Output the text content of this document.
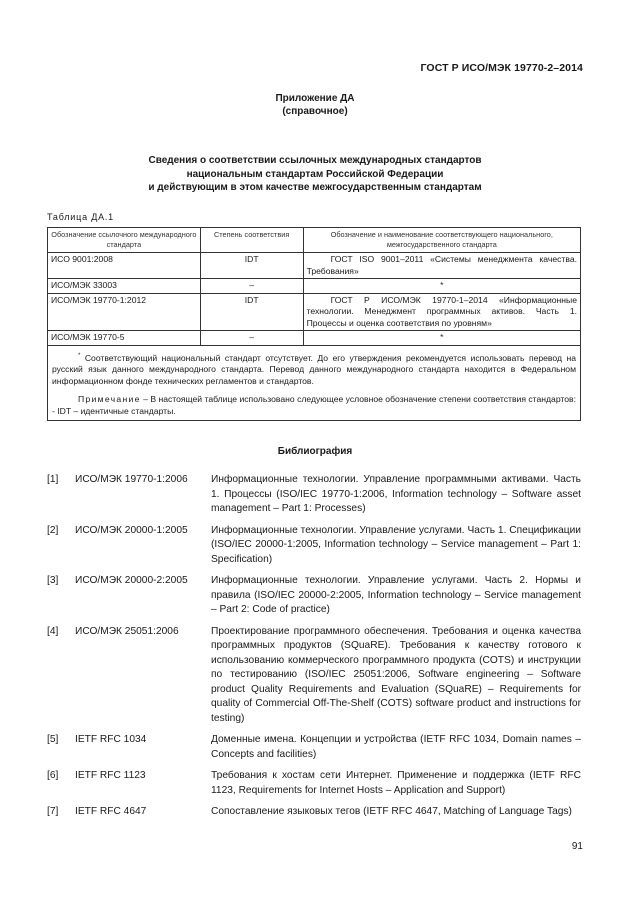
ГОСТ Р ИСО/МЭК 19770-2–2014
Приложение ДА
(справочное)
Сведения о соответствии ссылочных международных стандартов
национальным стандартам Российской Федерации
и действующим в этом качестве межгосударственным стандартам
Таблица ДА.1
Обозначение ссылочного международного стандарта	Степень соответствия	Обозначение и наименование соответствующего национального, межгосударственного стандарта
ИСО 9001:2008	IDT	ГОСТ ISO 9001–2011 «Системы менеджмента качества. Требования»
ИСО/МЭК 33003	–	*

ИСО/МЭК 19770-1:2012	IDT	ГОСТ Р ИСО/МЭК 19770-1–2014 «Информационные технологии. Менеджмент программных активов. Часть 1. Процессы и оценка соответствия по уровням»
ИСО/МЭК 19770-5	–	*

* Соответствующий национальный стандарт отсутствует. До его утверждения рекомендуется использовать перевод на русский язык данного международного стандарта. Перевод данного международного стандарта находится в Федеральном информационном фонде технических регламентов и стандартов.

Примечание – В настоящей таблице использовано следующее условное обозначение степени соответствия стандартов: - IDT – идентичные стандарты.		

Библиография
[1]	ИСО/МЭК 19770-1:2006	Информационные технологии. Управление программными активами. Часть 1. Процессы (ISO/IEC 19770-1:2006, Information technology – Software asset management – Part 1: Processes)
[2]	ИСО/МЭК 20000-1:2005	Информационные технологии. Управление услугами. Часть 1. Спецификации (ISO/IEC 20000-1:2005, Information technology – Service management – Part 1: Specification)
[3]	ИСО/МЭК 20000-2:2005	Информационные технологии. Управление услугами. Часть 2. Нормы и правила (ISO/IEC 20000-2:2005, Information technology – Service management – Part 2: Code of practice)
[4]	ИСО/МЭК 25051:2006	Проектирование программного обеспечения. Требования и оценка качества программных продуктов (SQuaRE). Требования к качеству готового к использованию коммерческого программного продукта (COTS) и инструкции по тестированию (ISO/IEC 25051:2006, Software engineering – Software product Quality Requirements and Evaluation (SQuaRE) – Requirements for quality of Commercial Off-The-Shelf (COTS) software product and instructions for testing)
[5]	IETF RFC 1034	Доменные имена. Концепции и устройства (IETF RFC 1034, Domain names – Concepts and facilities)
[6]	IETF RFC 1123	Требования к хостам сети Интернет. Применение и поддержка (IETF RFC 1123, Requirements for Internet Hosts – Application and Support)
[7]	IETF RFC 4647	Сопоставление языковых тегов (IETF RFC 4647, Matching of Language Tags)
91
